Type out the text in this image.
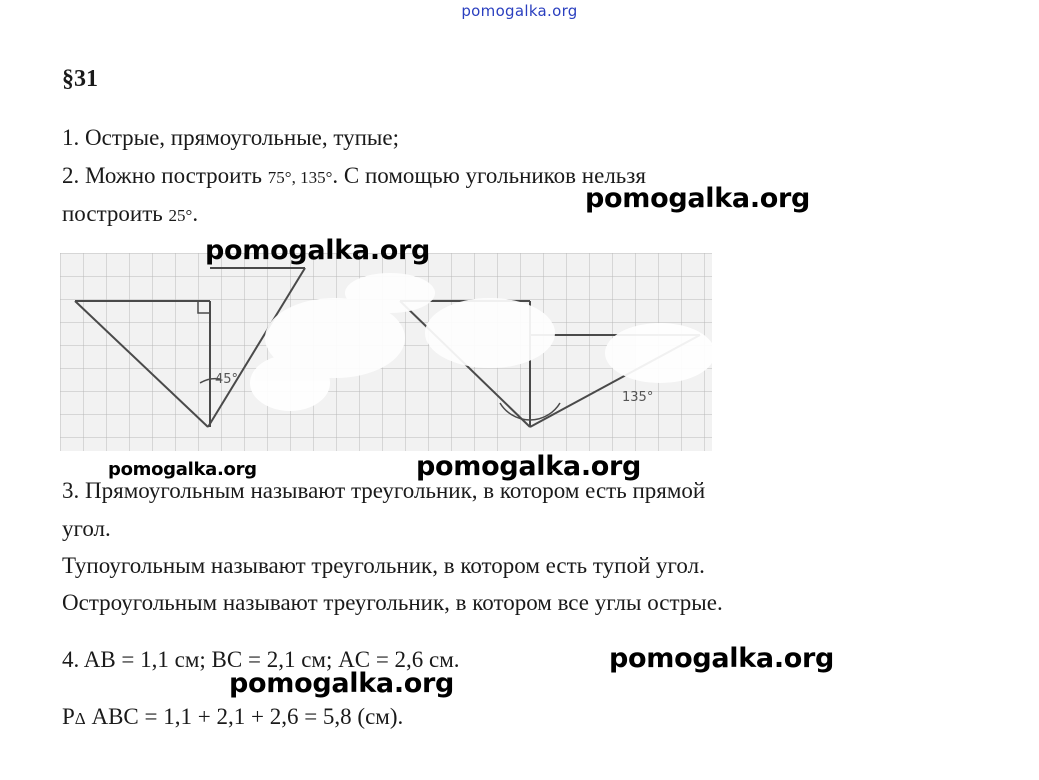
pomogalka.org
§31
1. Острые, прямоугольные, тупые;
2. Можно построить 75°, 135°. С помощью угольников нельзя
построить 25°.
45°
135°
3. Прямоугольным называют треугольник, в котором есть прямой
угол.
Тупоугольным называют треугольник, в котором есть тупой угол.
Остроугольным называют треугольник, в котором все углы острые.
4. AB = 1,1 см; BC = 2,1 см; AC = 2,6 см.
PΔ ABC = 1,1 + 2,1 + 2,6 = 5,8 (см).
pomogalka.org
pomogalka.org
pomogalka.org	pomogalka.org
pomogalka.org
pomogalka.org
